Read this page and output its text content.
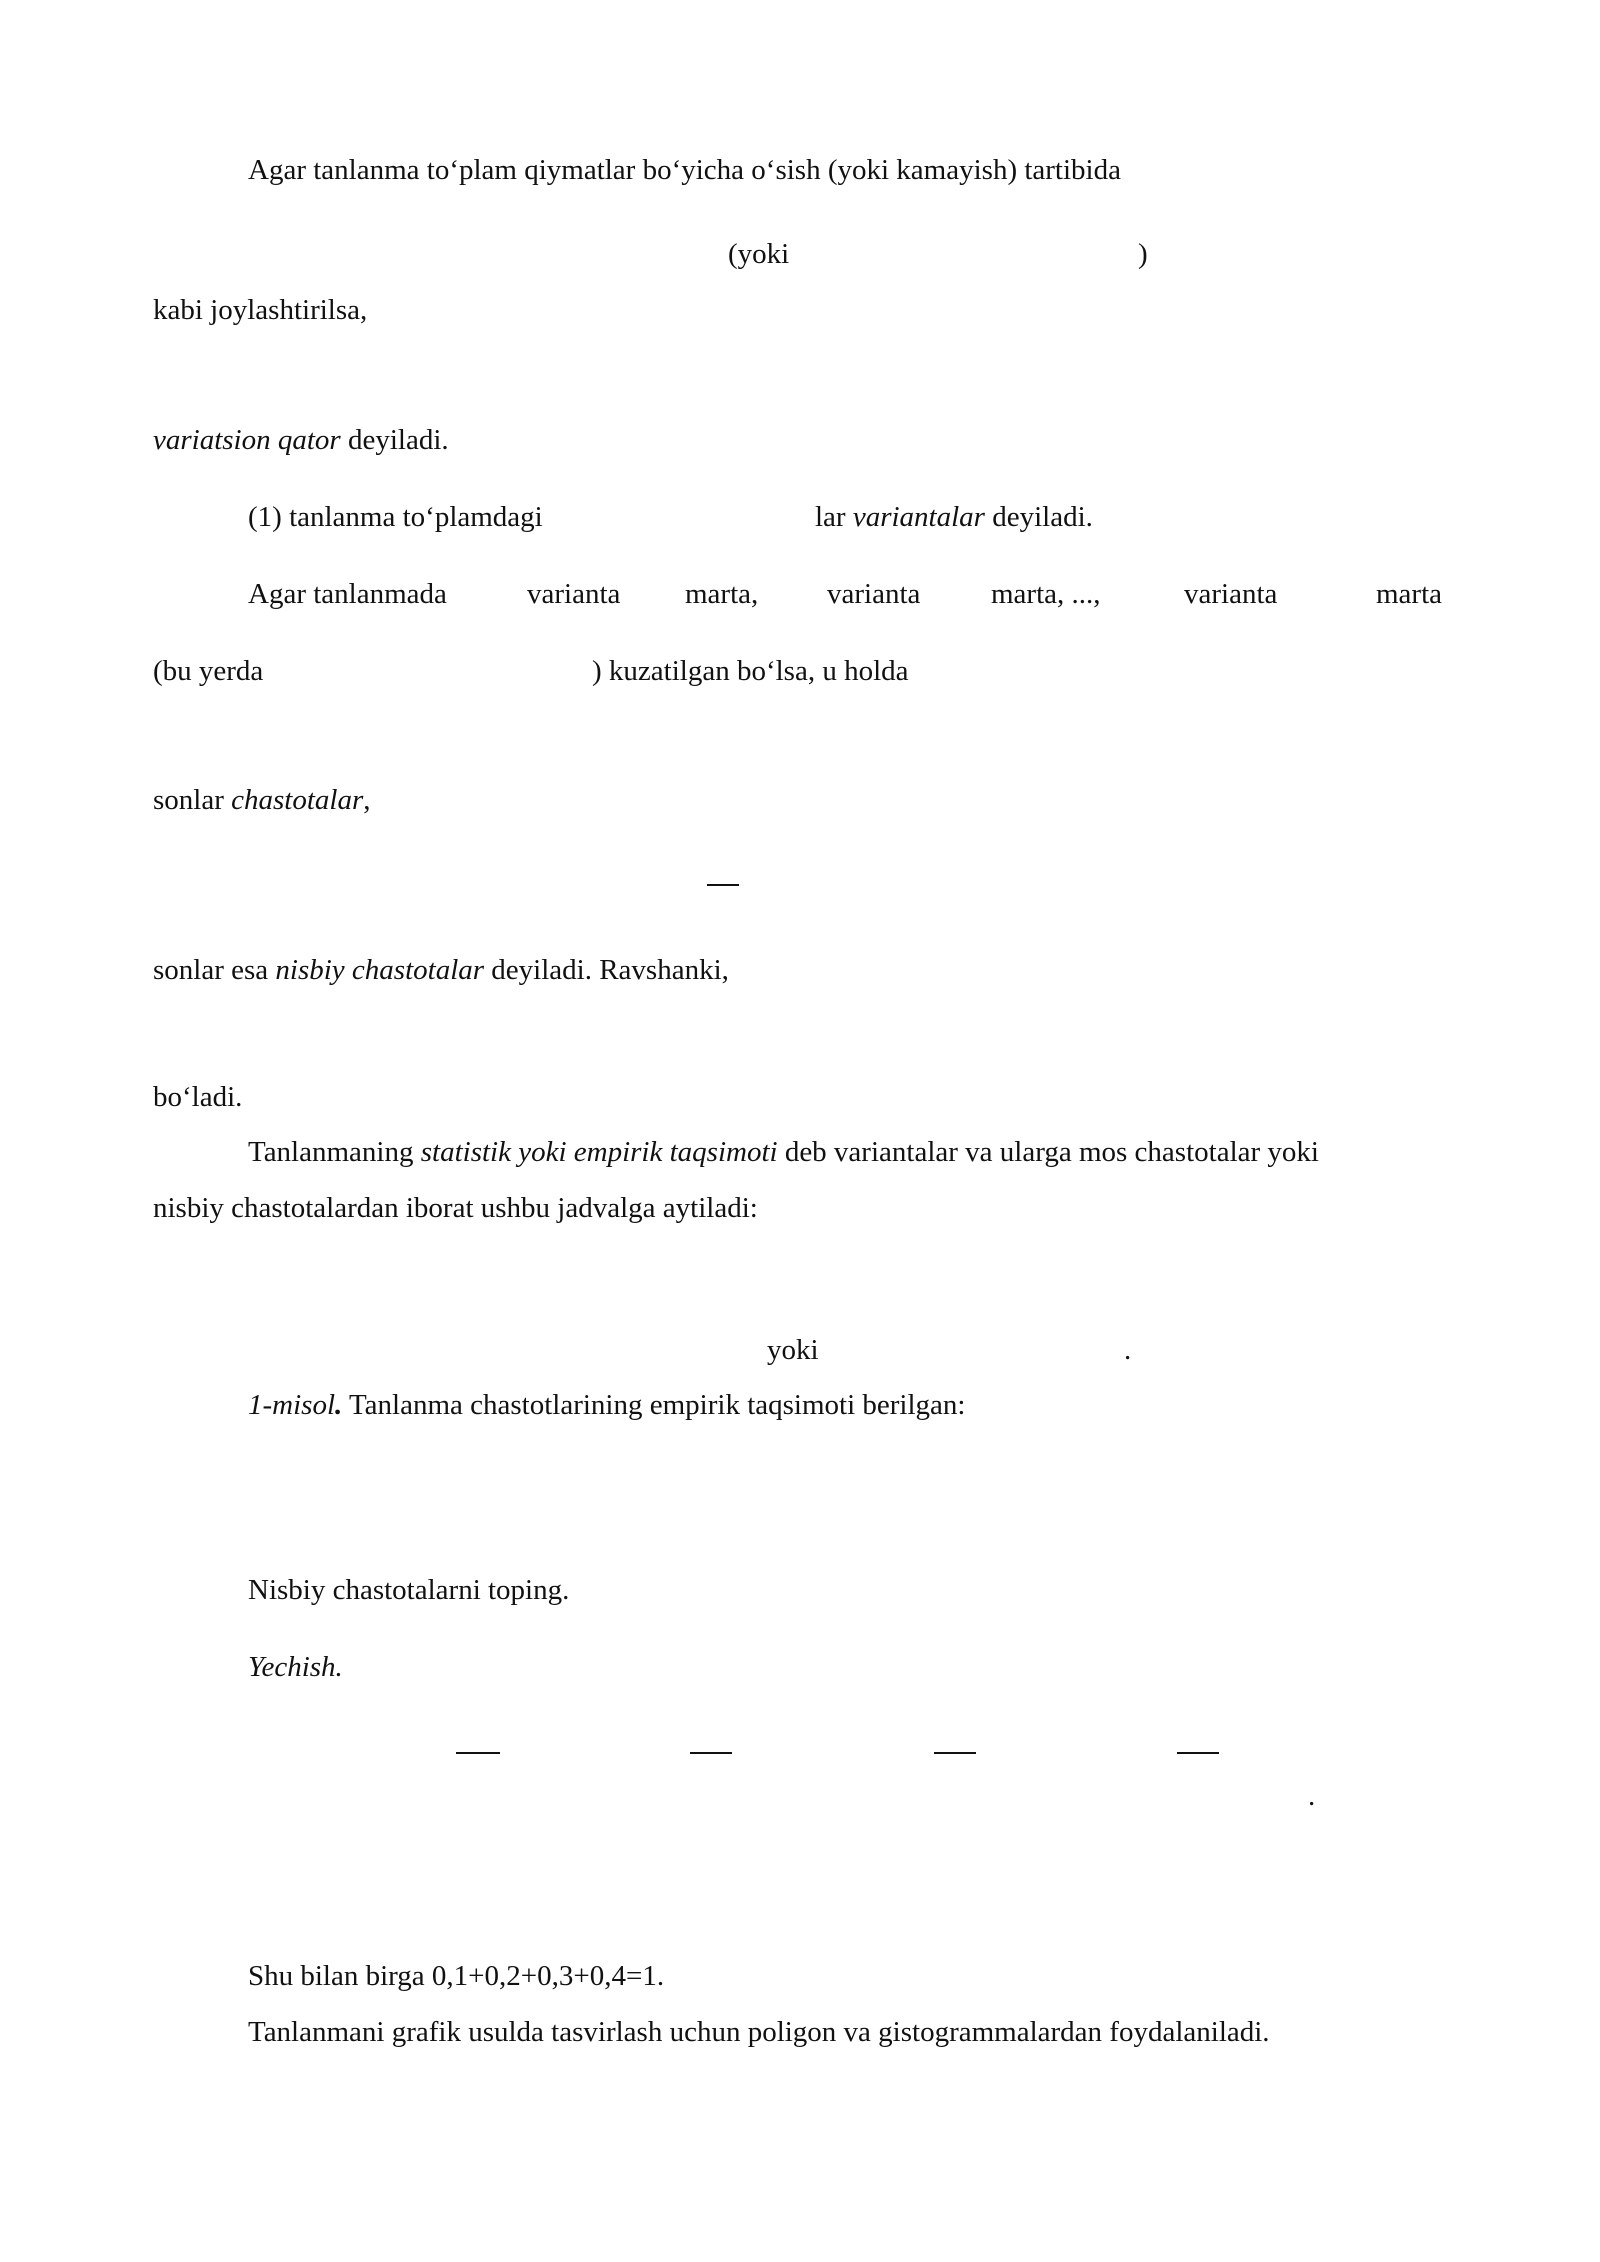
Agar tanlanma to‘plam qiymatlar bo‘yicha o‘sish (yoki kamayish) tartibida
(yoki	)
kabi joylashtirilsa,
variatsion qator deyiladi.
(1) tanlanma to‘plamdagi	lar variantalar deyiladi.
Agar tanlanmada	varianta marta, varianta marta, ...,	varianta	marta
(bu yerda	) kuzatilgan bo‘lsa, u holda
sonlar chastotalar,
sonlar esa nisbiy chastotalar deyiladi. Ravshanki,
bo‘ladi.
Tanlanmaning statistik yoki empirik taqsimoti deb variantalar va ularga mos chastotalar yoki
nisbiy chastotalardan iborat ushbu jadvalga aytiladi:
yoki	.
1-misol. Tanlanma chastotlarining empirik taqsimoti berilgan:
Nisbiy chastotalarni toping.
Yechish.
.
Shu bilan birga 0,1+0,2+0,3+0,4=1.
Tanlanmani grafik usulda tasvirlash uchun poligon va gistogrammalardan foydalaniladi.
